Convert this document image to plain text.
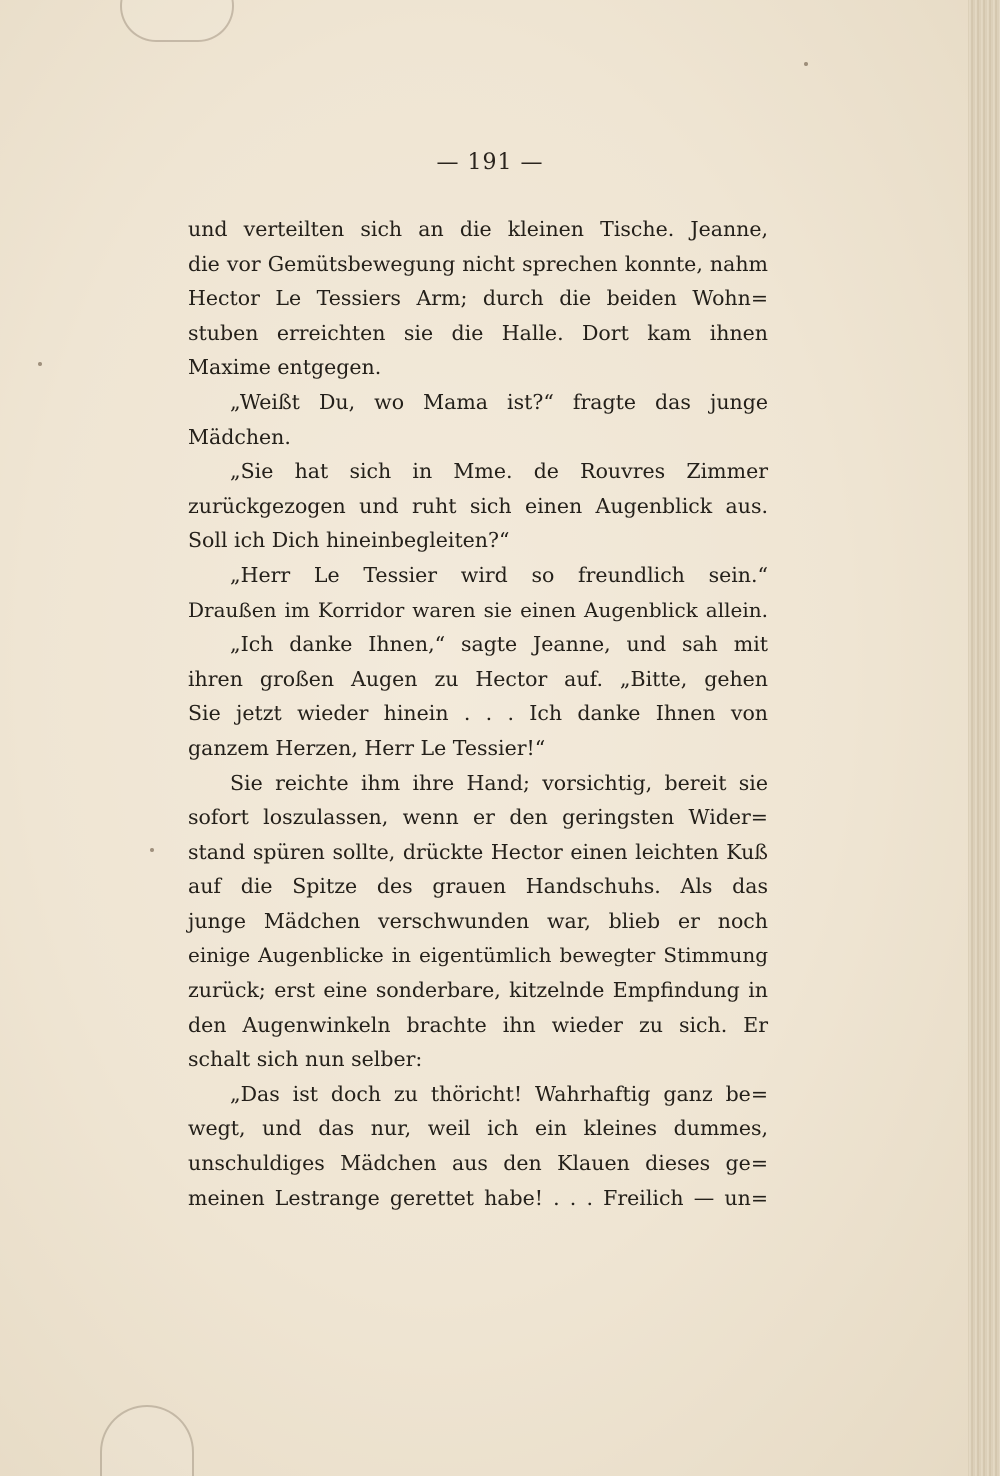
— 191 —
und verteilten sich an die kleinen Tische. Jeanne,
die vor Gemütsbewegung nicht sprechen konnte, nahm
Hector Le Tessiers Arm; durch die beiden Wohn=
stuben erreichten sie die Halle. Dort kam ihnen
Maxime entgegen.
„Weißt Du, wo Mama ist?“ fragte das junge
Mädchen.
„Sie hat sich in Mme. de Rouvres Zimmer
zurückgezogen und ruht sich einen Augenblick aus.
Soll ich Dich hineinbegleiten?“
„Herr Le Tessier wird so freundlich sein.“
Draußen im Korridor waren sie einen Augenblick allein.
„Ich danke Ihnen,“ sagte Jeanne, und sah mit
ihren großen Augen zu Hector auf. „Bitte, gehen
Sie jetzt wieder hinein . . . Ich danke Ihnen von
ganzem Herzen, Herr Le Tessier!“
Sie reichte ihm ihre Hand; vorsichtig, bereit sie
sofort loszulassen, wenn er den geringsten Wider=
stand spüren sollte, drückte Hector einen leichten Kuß
auf die Spitze des grauen Handschuhs. Als das
junge Mädchen verschwunden war, blieb er noch
einige Augenblicke in eigentümlich bewegter Stimmung
zurück; erst eine sonderbare, kitzelnde Empfindung in
den Augenwinkeln brachte ihn wieder zu sich. Er
schalt sich nun selber:
„Das ist doch zu thöricht! Wahrhaftig ganz be=
wegt, und das nur, weil ich ein kleines dummes,
unschuldiges Mädchen aus den Klauen dieses ge=
meinen Lestrange gerettet habe! . . . Freilich — un=
